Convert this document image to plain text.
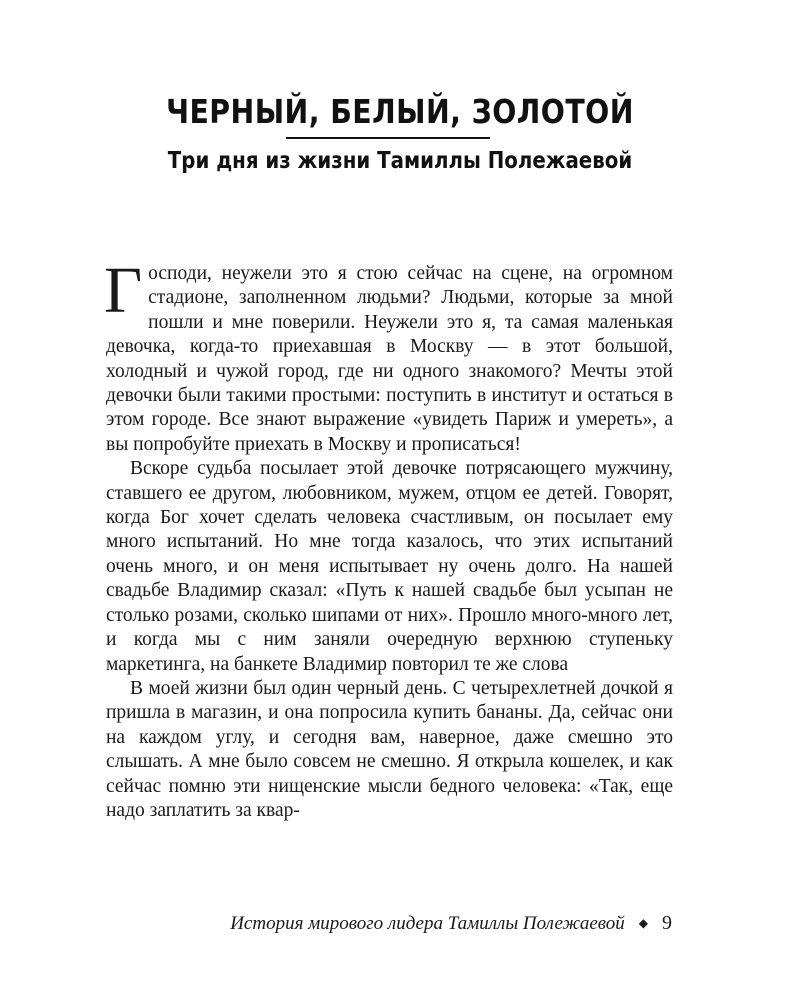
ЧЕРНЫЙ, БЕЛЫЙ, ЗОЛОТОЙ
Три дня из жизни Тамиллы Полежаевой

Господи, неужели это я стою сейчас на сцене, на огромном стадионе, заполненном людьми? Людьми, которые за мной пошли и мне поверили. Неужели это я, та самая маленькая девочка, когда-то приехавшая в Москву — в этот большой, холодный и чужой город, где ни одного знакомого? Мечты этой девочки были такими простыми: поступить в институт и остаться в этом городе. Все знают выражение «увидеть Париж и умереть», а вы попробуйте приехать в Москву и прописаться!

Вскоре судьба посылает этой девочке потрясающего мужчину, ставшего ее другом, любовником, мужем, отцом ее детей. Говорят, когда Бог хочет сделать человека счастливым, он посылает ему много испытаний. Но мне тогда казалось, что этих испытаний очень много, и он меня испытывает ну очень долго. На нашей свадьбе Владимир сказал: «Путь к нашей свадьбе был усыпан не столько розами, сколько шипами от них». Прошло много-много лет, и когда мы с ним заняли очередную верхнюю ступеньку маркетинга, на банкете Владимир повторил те же слова

В моей жизни был один черный день. С четырехлетней дочкой я пришла в магазин, и она попросила купить бананы. Да, сейчас они на каждом углу, и сегодня вам, наверное, даже смешно это слышать. А мне было совсем не смешно. Я открыла кошелек, и как сейчас помню эти нищенские мысли бедного человека: «Так, еще надо заплатить за квар-

История мирового лидера Тамиллы Полежаевой ◆ 9
